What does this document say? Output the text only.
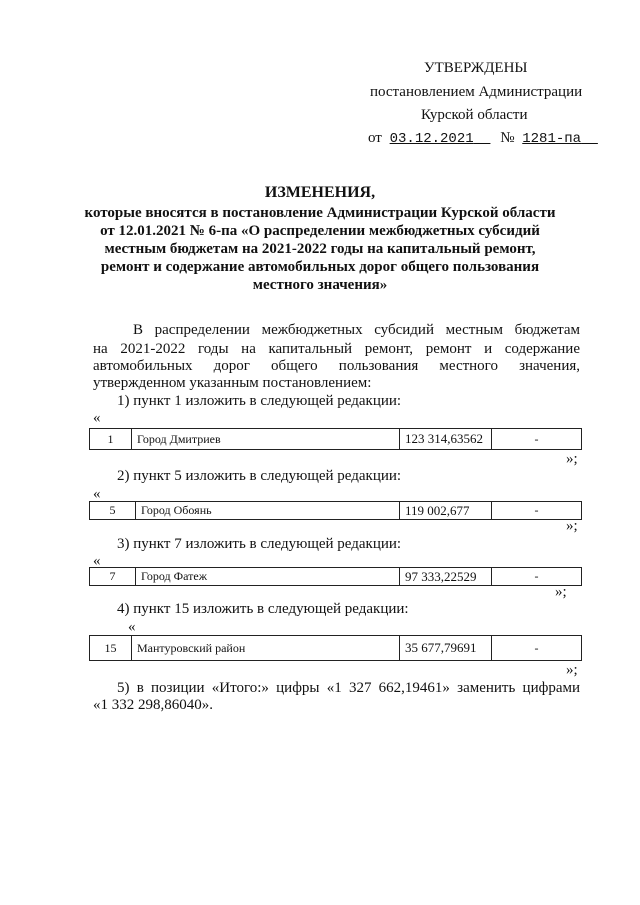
УТВЕРЖДЕНЫ
постановлением Администрации
Курской области
от 03.12.2021 № 1281-па
ИЗМЕНЕНИЯ,
которые вносятся в постановление Администрации Курской области
от 12.01.2021 № 6-па «О распределении межбюджетных субсидий
местным бюджетам на 2021-2022 годы на капитальный ремонт,
ремонт и содержание автомобильных дорог общего пользования
местного значения»
В распределении межбюджетных субсидий местным бюджетам
на 2021-2022 годы на капитальный ремонт, ремонт и содержание
автомобильных дорог общего пользования местного значения,
утвержденном указанным постановлением:
1) пункт 1 изложить в следующей редакции:
«
1	Город Дмитриев	123 314,63562	-
»;
2) пункт 5 изложить в следующей редакции:
«
5	Город Обоянь	119 002,677	-
»;
3) пункт 7 изложить в следующей редакции:
«
7	Город Фатеж	97 333,22529	-
»;
4) пункт 15 изложить в следующей редакции:
«
15	Мантуровский район	35 677,79691	-
»;
5) в позиции «Итого:» цифры «1 327 662,19461» заменить цифрами
«1 332 298,86040».
